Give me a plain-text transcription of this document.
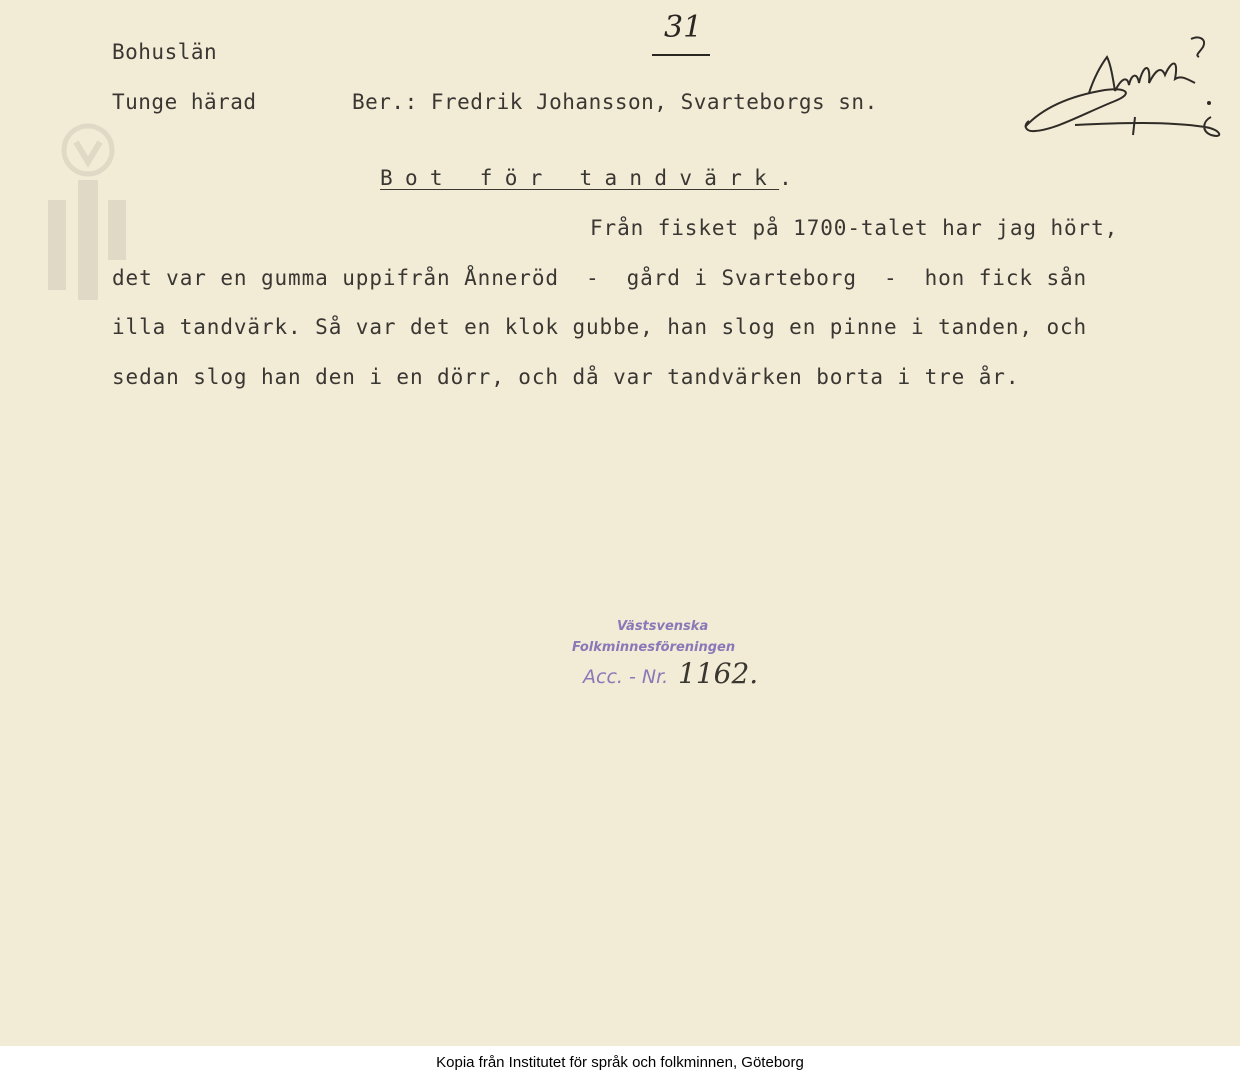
31
Bohuslän
Tunge härad	Ber.: Fredrik Johansson, Svarteborgs sn.
Bot för tandvärk.
Från fisket på 1700-talet har jag hört,
det var en gumma uppifrån Ånneröd  -  gård i Svarteborg  -  hon fick sån
illa tandvärk. Så var det en klok gubbe, han slog en pinne i tanden, och
sedan slog han den i en dörr, och då var tandvärken borta i tre år.
Västsvenska
Folkminnesföreningen
Acc. - Nr. 1162.
Kopia från Institutet för språk och folkminnen, Göteborg
